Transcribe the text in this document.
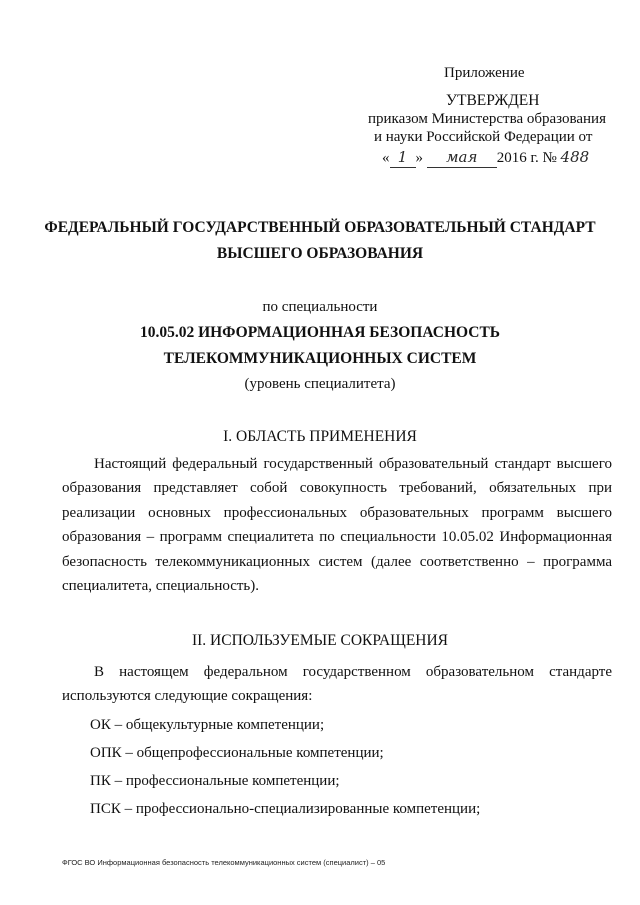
Приложение
УТВЕРЖДЕН
приказом Министерства образования
и науки Российской Федерации от
« 1 » мая 2016 г. № 488
ФЕДЕРАЛЬНЫЙ ГОСУДАРСТВЕННЫЙ ОБРАЗОВАТЕЛЬНЫЙ СТАНДАРТ
ВЫСШЕГО ОБРАЗОВАНИЯ
по специальности
10.05.02 ИНФОРМАЦИОННАЯ БЕЗОПАСНОСТЬ
ТЕЛЕКОММУНИКАЦИОННЫХ СИСТЕМ
(уровень специалитета)
I. ОБЛАСТЬ ПРИМЕНЕНИЯ
Настоящий федеральный государственный образовательный стандарт высшего образования представляет собой совокупность требований, обязательных при реализации основных профессиональных образовательных программ высшего образования – программ специалитета по специальности 10.05.02 Информационная безопасность телекоммуникационных систем (далее соответственно – программа специалитета, специальность).
II. ИСПОЛЬЗУЕМЫЕ СОКРАЩЕНИЯ
В настоящем федеральном государственном образовательном стандарте используются следующие сокращения:
ОК – общекультурные компетенции;
ОПК – общепрофессиональные компетенции;
ПК – профессиональные компетенции;
ПСК – профессионально-специализированные компетенции;
ФГОС ВО Информационная безопасность телекоммуникационных систем (специалист) – 05
